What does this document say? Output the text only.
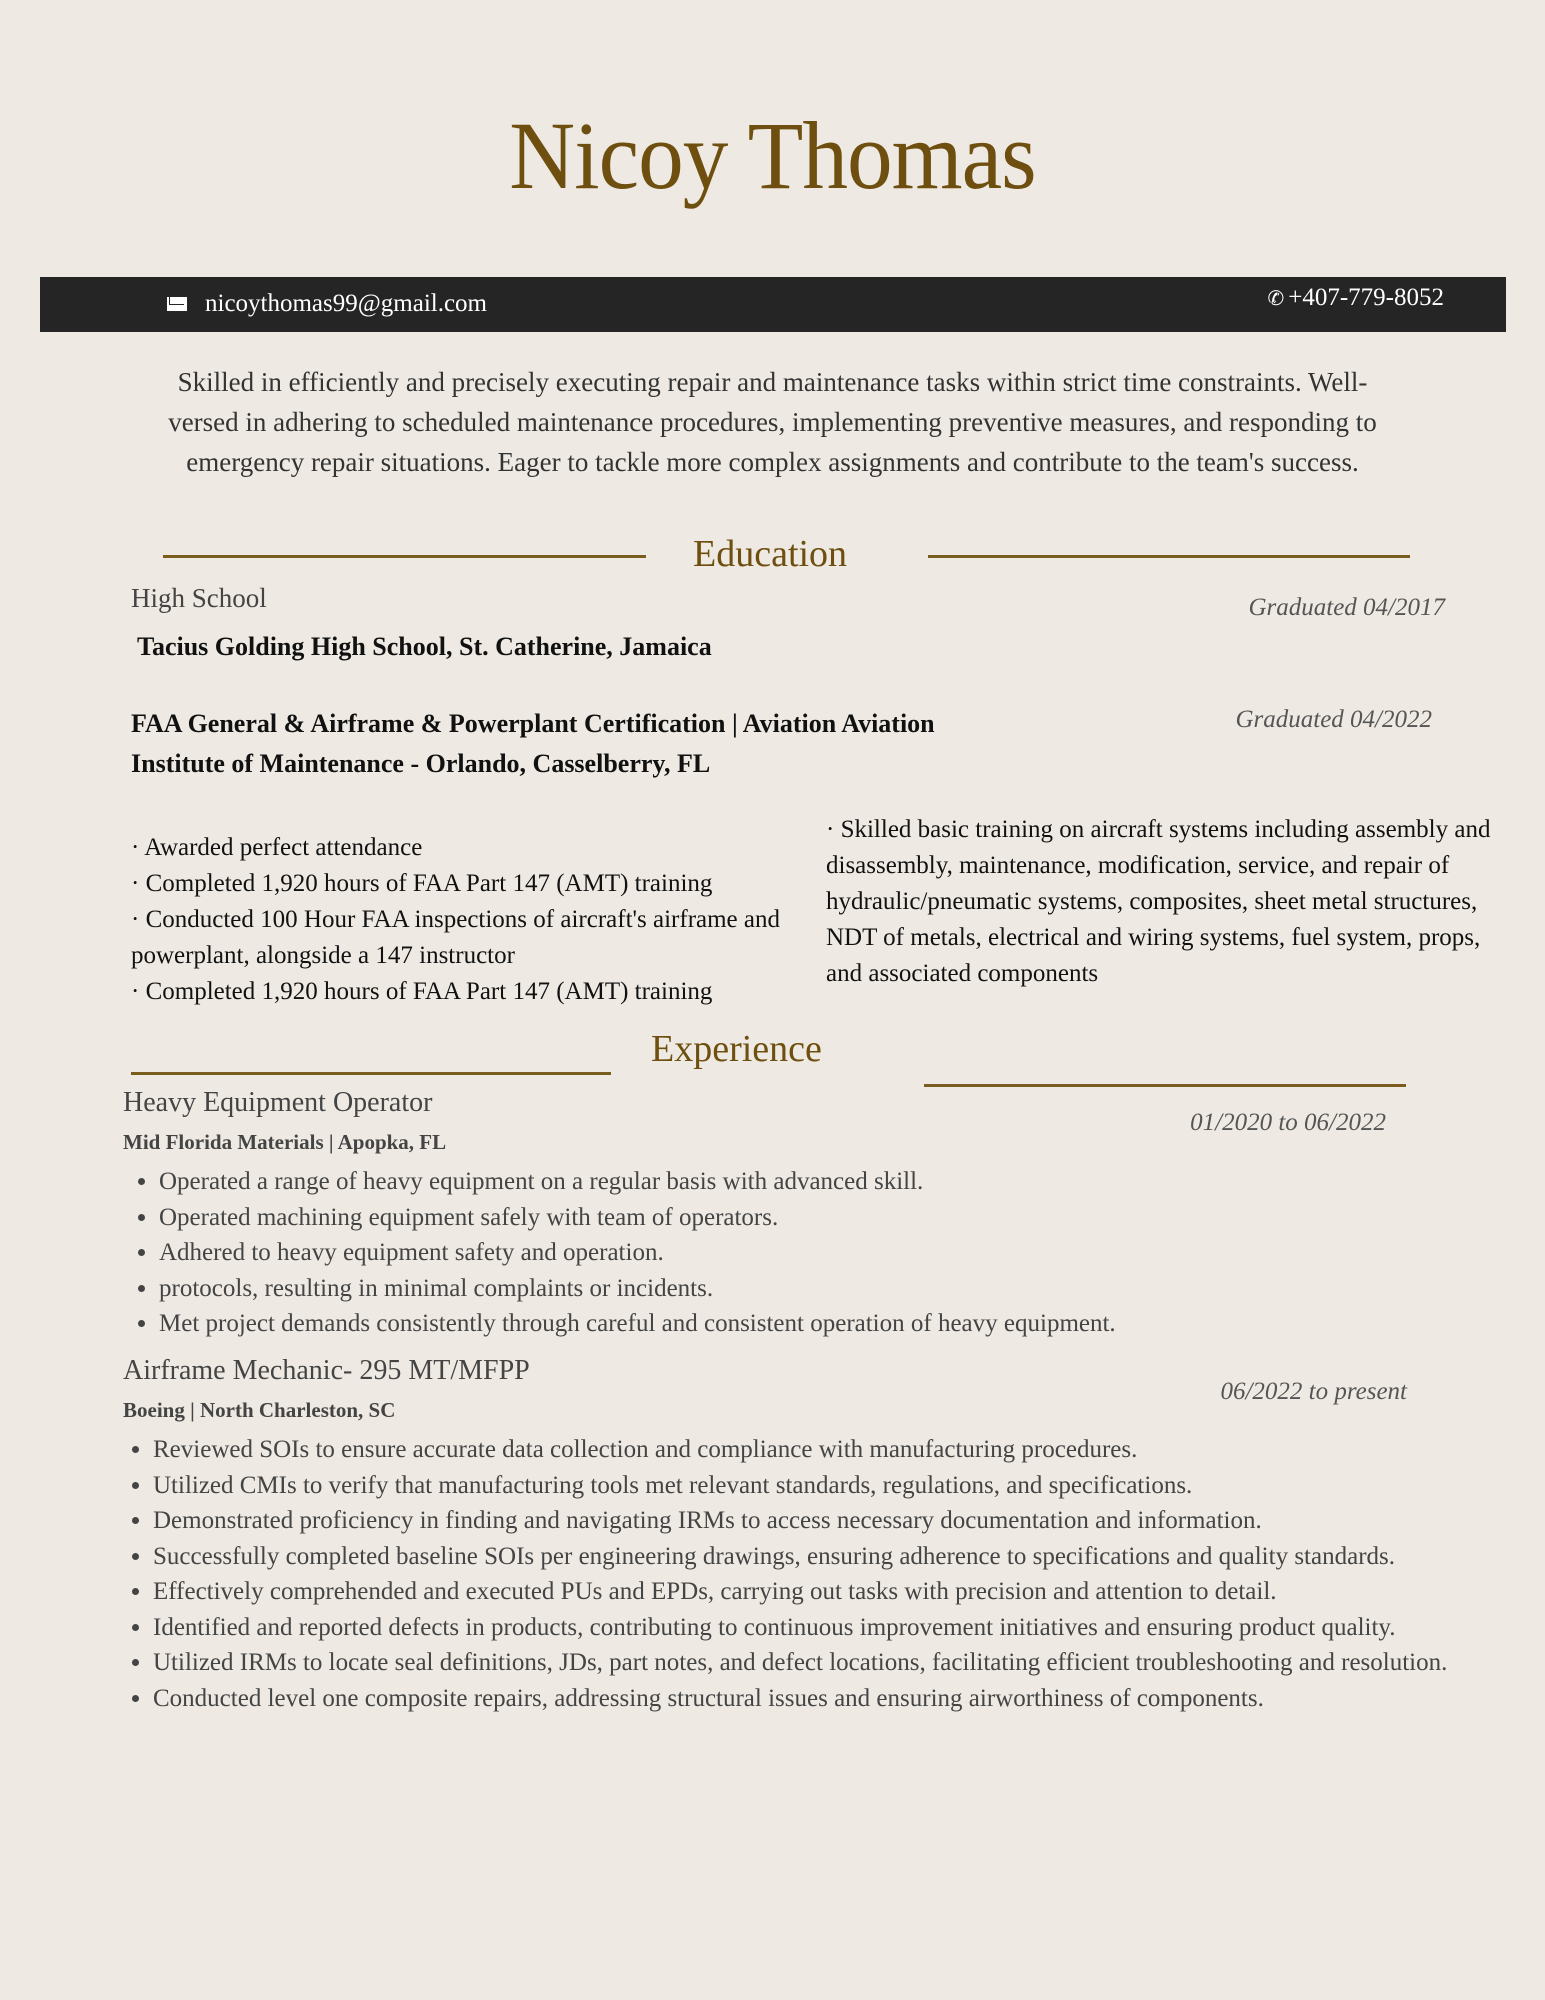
Nicoy Thomas
nicoythomas99@gmail.com	✆ +407-779-8052
Skilled in efficiently and precisely executing repair and maintenance tasks within strict time constraints. Well-versed in adhering to scheduled maintenance procedures, implementing preventive measures, and responding to emergency repair situations. Eager to tackle more complex assignments and contribute to the team's success.
Education
High School	Graduated 04/2017
Tacius Golding High School, St. Catherine, Jamaica
FAA General & Airframe & Powerplant Certification | Aviation Aviation Institute of Maintenance - Orlando, Casselberry, FL
Graduated 04/2022
· Awarded perfect attendance
· Completed 1,920 hours of FAA Part 147 (AMT) training
· Conducted 100 Hour FAA inspections of aircraft's airframe and powerplant, alongside a 147 instructor
· Completed 1,920 hours of FAA Part 147 (AMT) training
· Skilled basic training on aircraft systems including assembly and disassembly, maintenance, modification, service, and repair of hydraulic/pneumatic systems, composites, sheet metal structures, NDT of metals, electrical and wiring systems, fuel system, props, and associated components
Experience
Heavy Equipment Operator
01/2020 to 06/2022
Mid Florida Materials | Apopka, FL
• Operated a range of heavy equipment on a regular basis with advanced skill.
• Operated machining equipment safely with team of operators.
• Adhered to heavy equipment safety and operation.
• protocols, resulting in minimal complaints or incidents.
• Met project demands consistently through careful and consistent operation of heavy equipment.
Airframe Mechanic- 295 MT/MFPP
06/2022 to present
Boeing | North Charleston, SC
• Reviewed SOIs to ensure accurate data collection and compliance with manufacturing procedures.
• Utilized CMIs to verify that manufacturing tools met relevant standards, regulations, and specifications.
• Demonstrated proficiency in finding and navigating IRMs to access necessary documentation and information.
• Successfully completed baseline SOIs per engineering drawings, ensuring adherence to specifications and quality standards.
• Effectively comprehended and executed PUs and EPDs, carrying out tasks with precision and attention to detail.
• Identified and reported defects in products, contributing to continuous improvement initiatives and ensuring product quality.
• Utilized IRMs to locate seal definitions, JDs, part notes, and defect locations, facilitating efficient troubleshooting and resolution.
• Conducted level one composite repairs, addressing structural issues and ensuring airworthiness of components.
